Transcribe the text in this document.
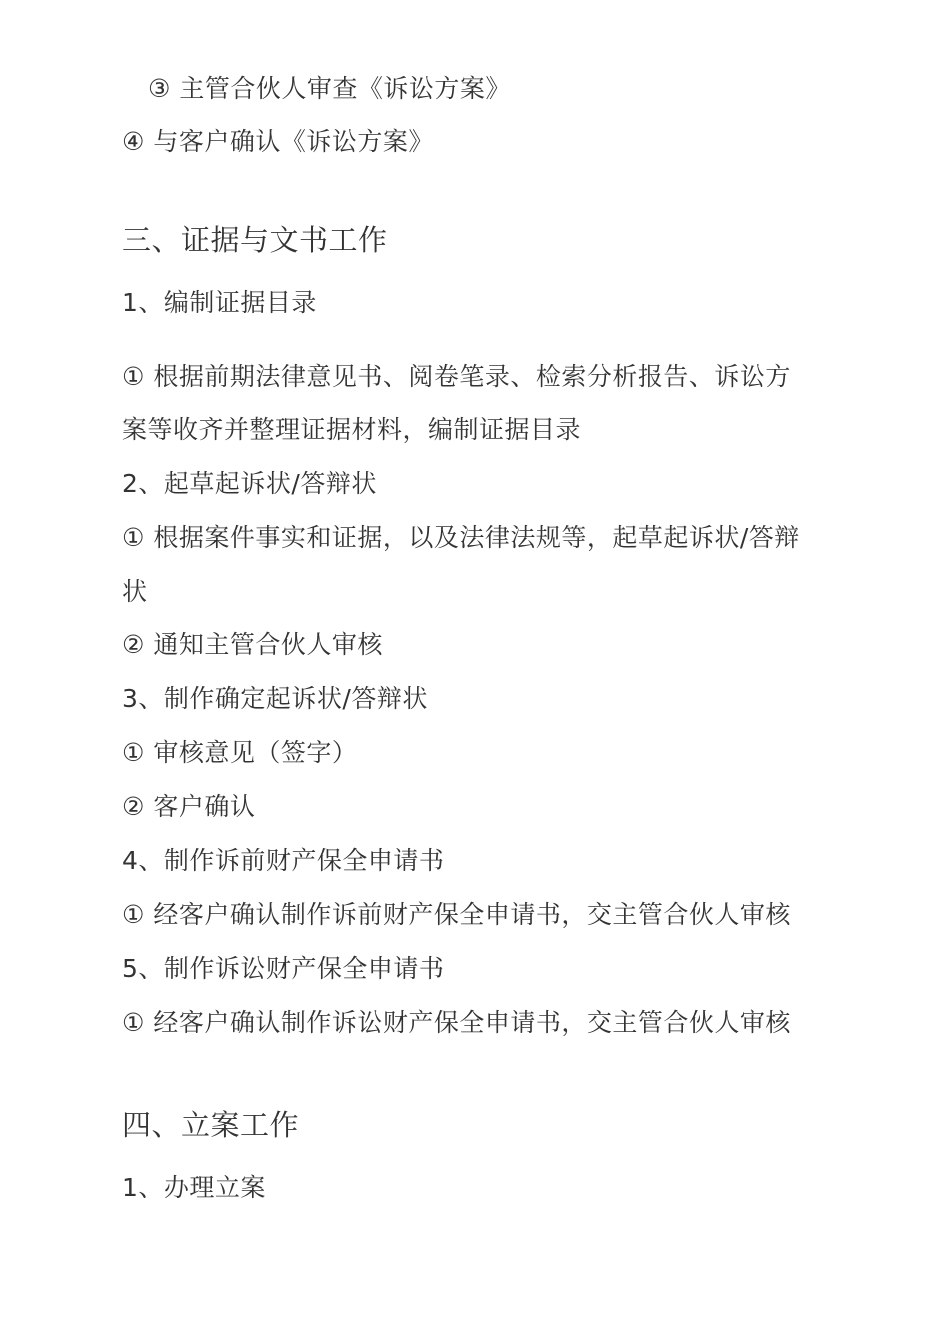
③ 主管合伙人审查《诉讼方案》
④ 与客户确认《诉讼方案》
三、证据与文书工作
1、编制证据目录
① 根据前期法律意见书、阅卷笔录、检索分析报告、诉讼方
案等收齐并整理证据材料，编制证据目录
2、起草起诉状/答辩状
① 根据案件事实和证据，以及法律法规等，起草起诉状/答辩
状
② 通知主管合伙人审核
3、制作确定起诉状/答辩状
① 审核意见（签字）
② 客户确认
4、制作诉前财产保全申请书
① 经客户确认制作诉前财产保全申请书，交主管合伙人审核
5、制作诉讼财产保全申请书
① 经客户确认制作诉讼财产保全申请书，交主管合伙人审核
四、立案工作
1、办理立案
